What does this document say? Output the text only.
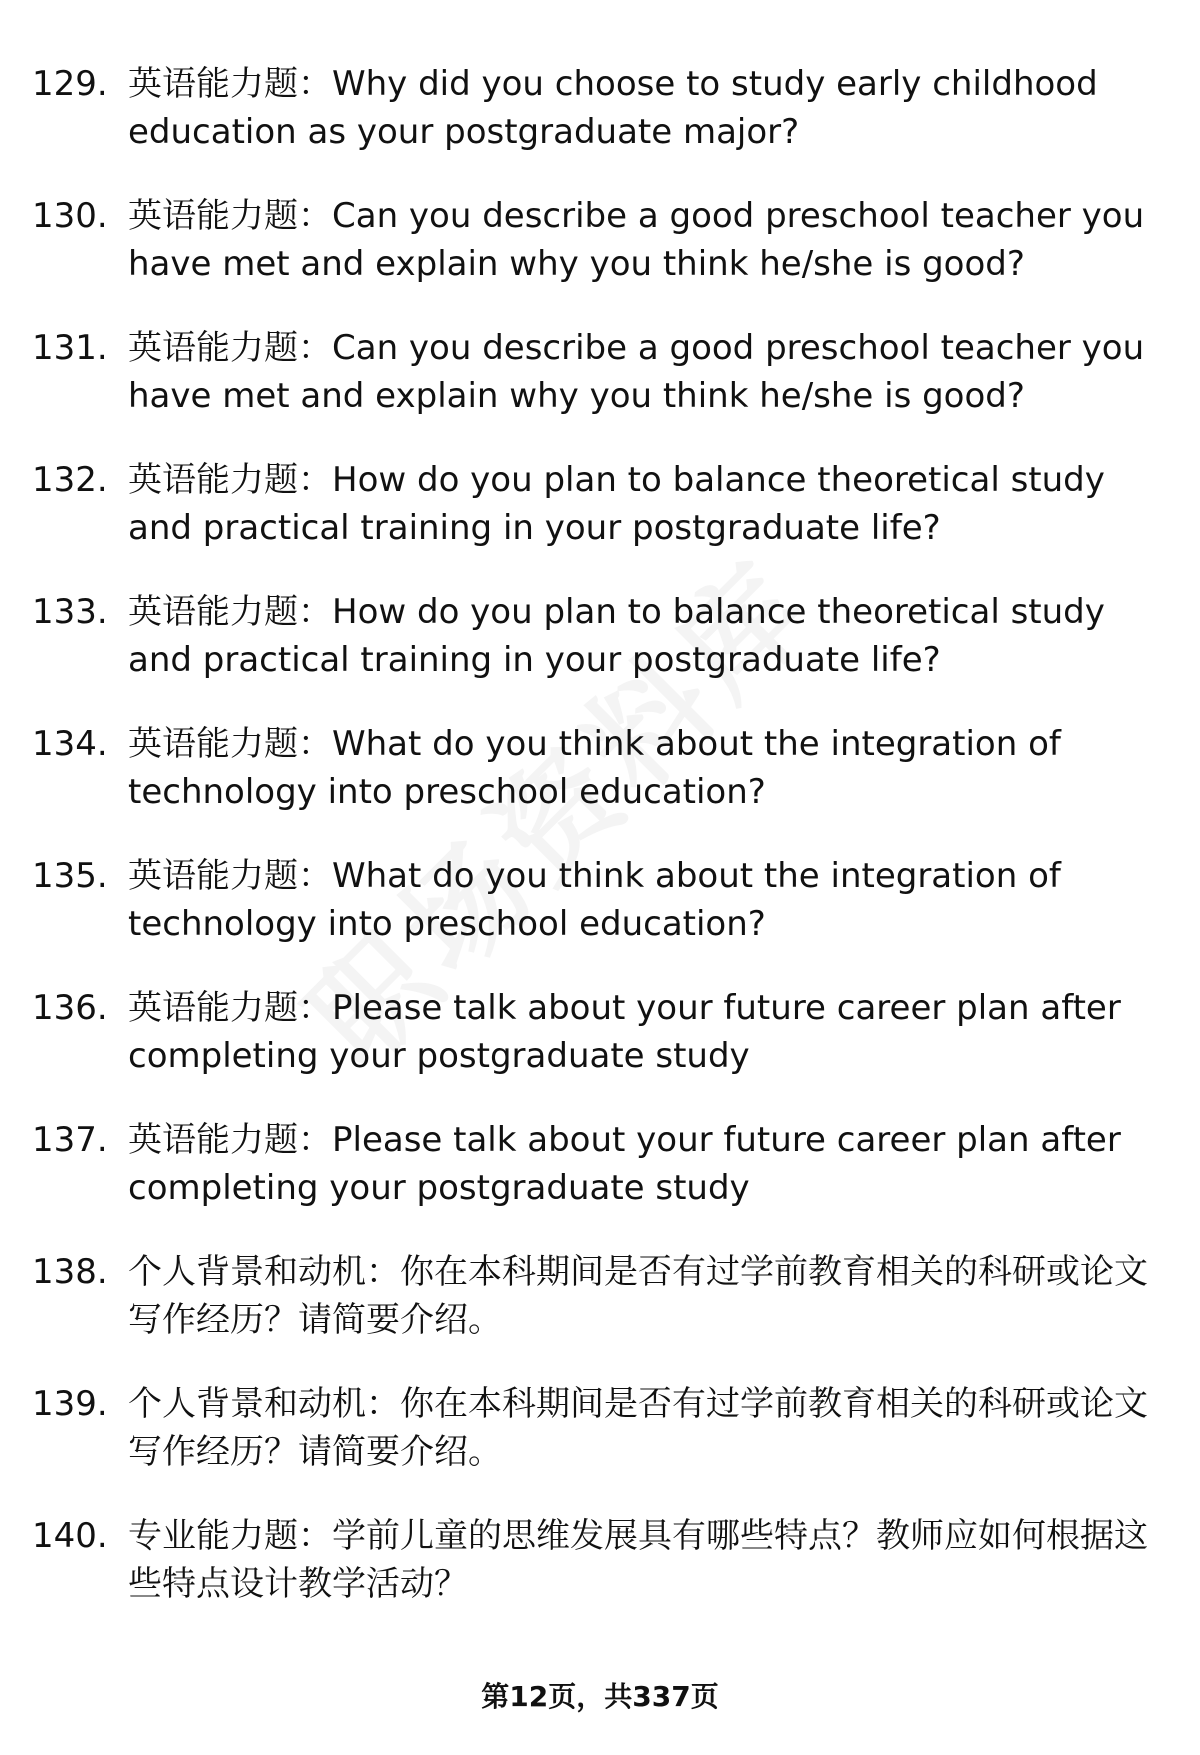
129. 英语能力题：Why did you choose to study early childhood education as your postgraduate major?
130. 英语能力题：Can you describe a good preschool teacher you have met and explain why you think he/she is good?
131. 英语能力题：Can you describe a good preschool teacher you have met and explain why you think he/she is good?
132. 英语能力题：How do you plan to balance theoretical study and practical training in your postgraduate life?
133. 英语能力题：How do you plan to balance theoretical study and practical training in your postgraduate life?
134. 英语能力题：What do you think about the integration of technology into preschool education?
135. 英语能力题：What do you think about the integration of technology into preschool education?
136. 英语能力题：Please talk about your future career plan after completing your postgraduate study
137. 英语能力题：Please talk about your future career plan after completing your postgraduate study
138. 个人背景和动机：你在本科期间是否有过学前教育相关的科研或论文写作经历？请简要介绍。
139. 个人背景和动机：你在本科期间是否有过学前教育相关的科研或论文写作经历？请简要介绍。
140. 专业能力题：学前儿童的思维发展具有哪些特点？教师应如何根据这些特点设计教学活动？
第12页，共337页
